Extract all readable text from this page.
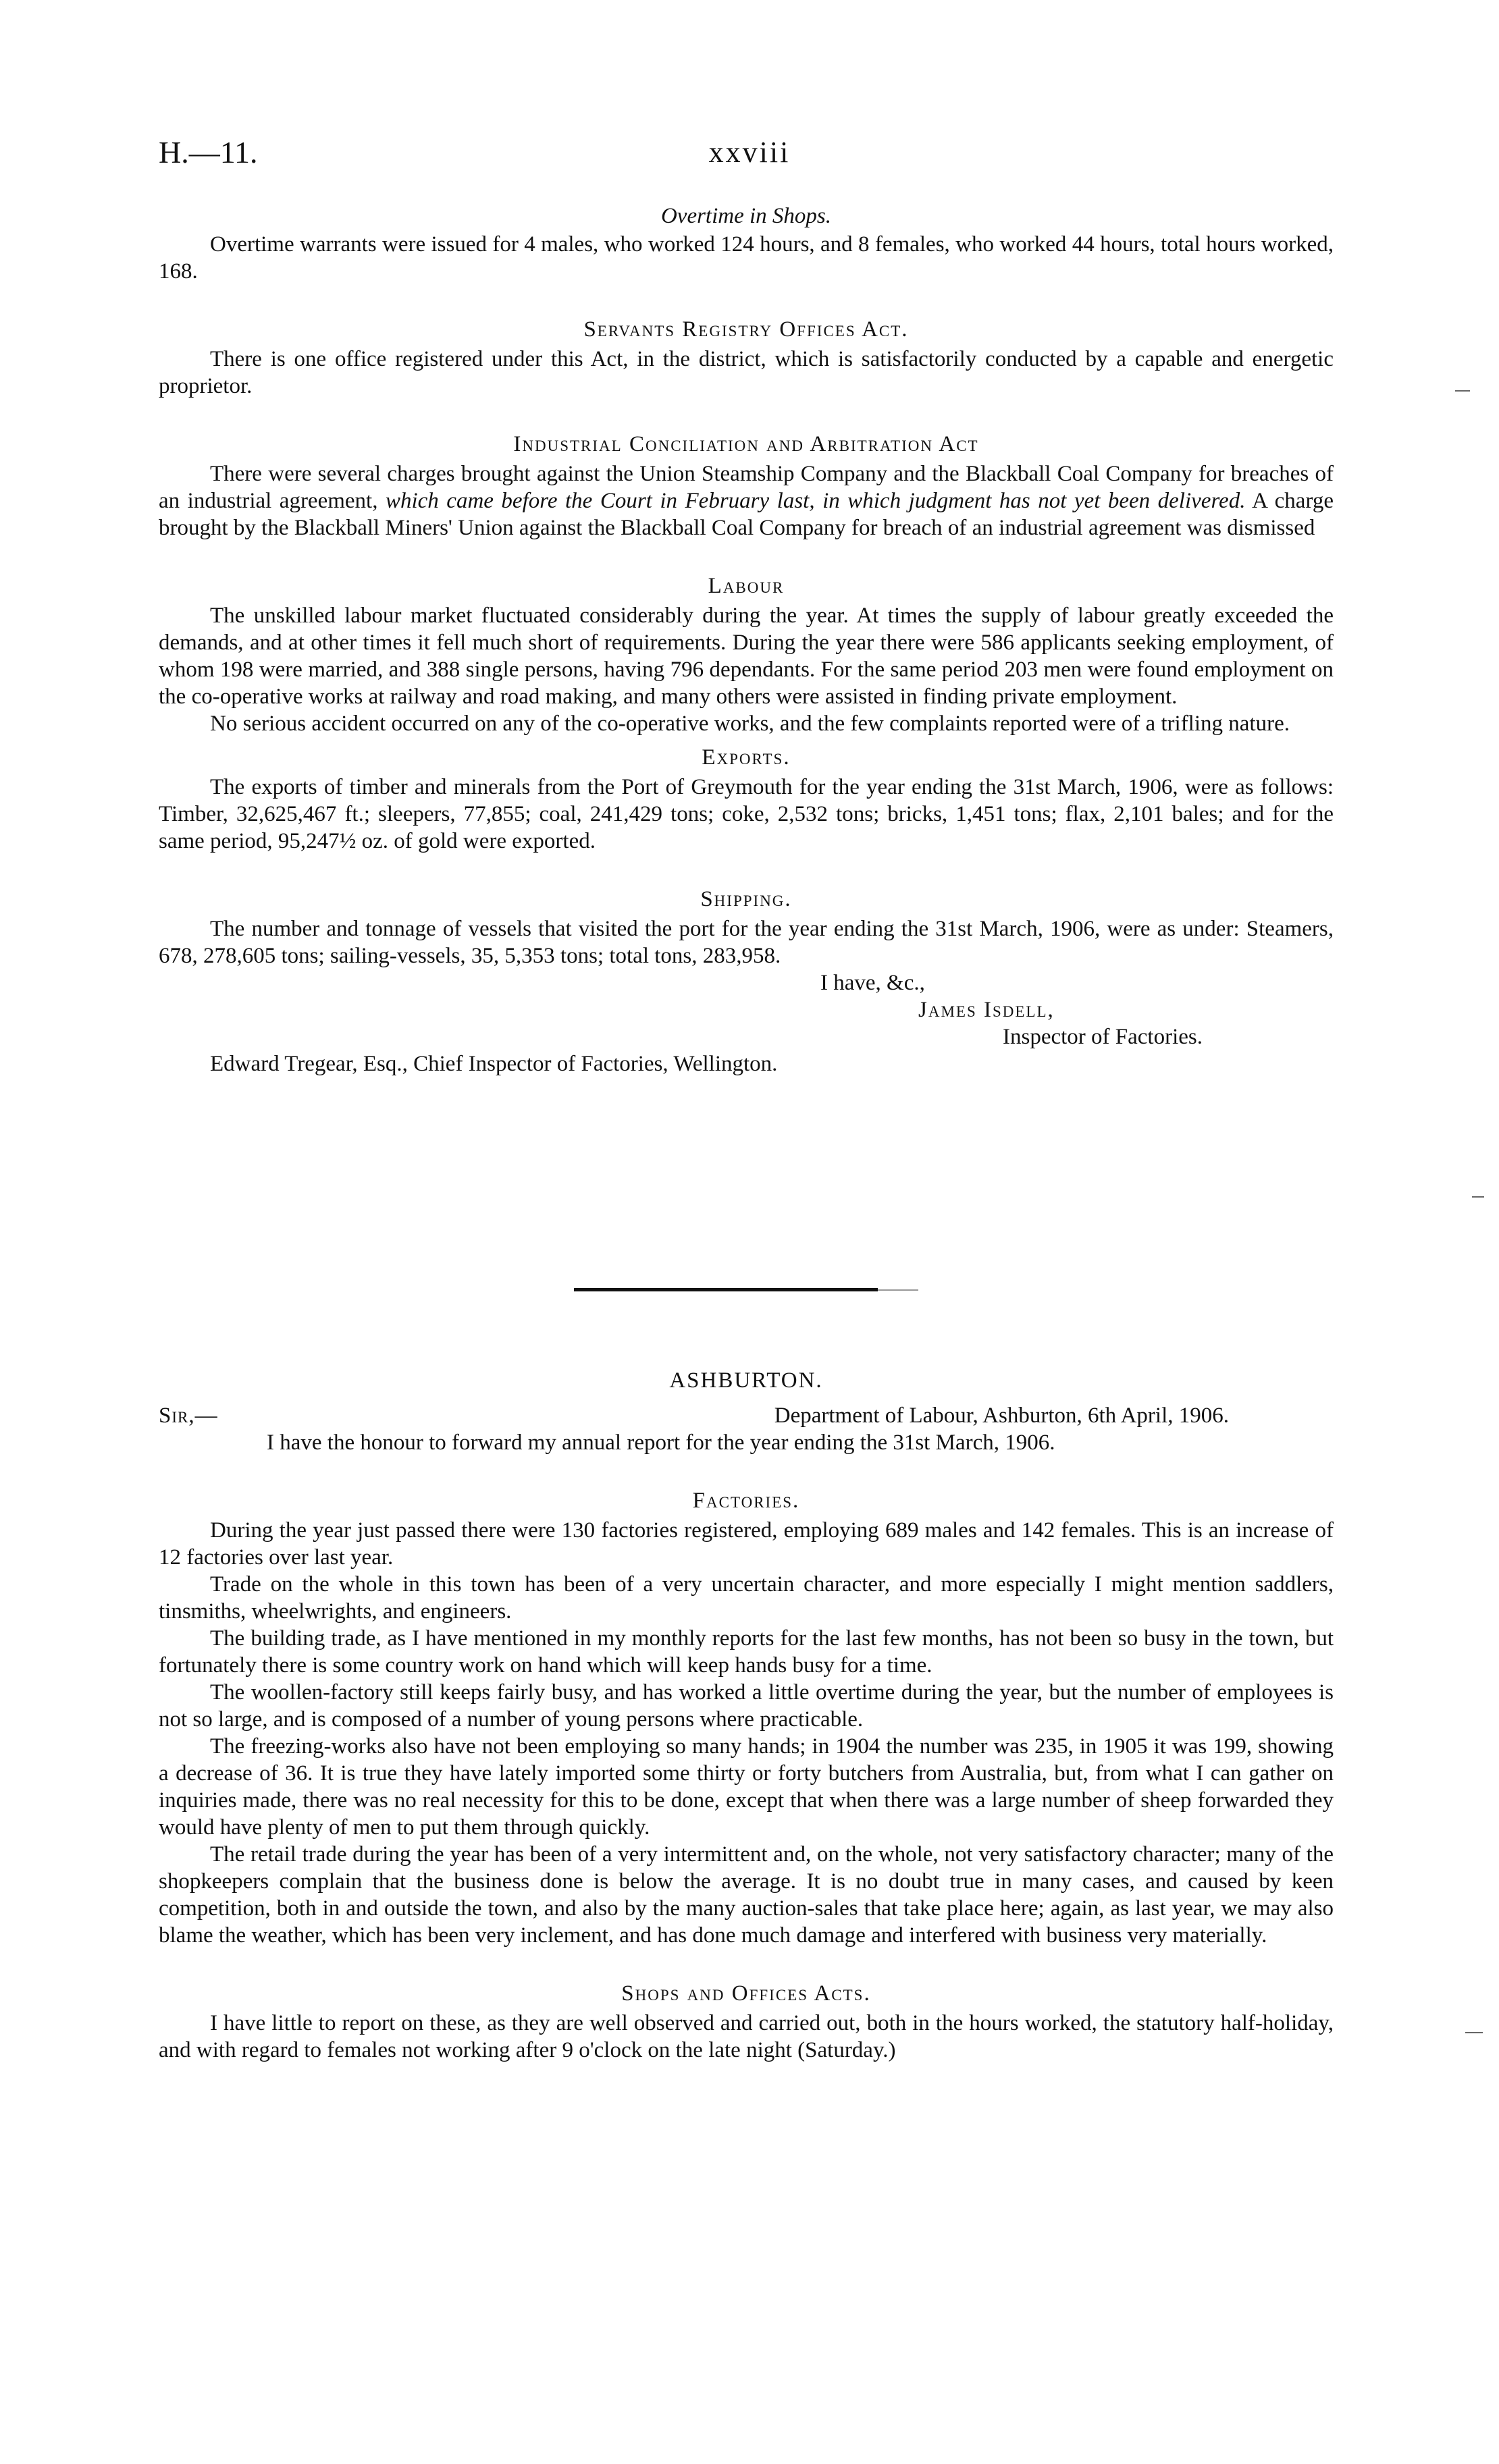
H.—11.	xxviii
Overtime in Shops.

Overtime warrants were issued for 4 males, who worked 124 hours, and 8 females, who worked 44 hours, total hours worked, 168.

Servants Registry Offices Act.

There is one office registered under this Act, in the district, which is satisfactorily conducted by a capable and energetic proprietor.

Industrial Conciliation and Arbitration Act

There were several charges brought against the Union Steamship Company and the Blackball Coal Company for breaches of an industrial agreement, which came before the Court in February last, in which judgment has not yet been delivered. A charge brought by the Blackball Miners' Union against the Blackball Coal Company for breach of an industrial agreement was dismissed

Labour

The unskilled labour market fluctuated considerably during the year. At times the supply of labour greatly exceeded the demands, and at other times it fell much short of requirements. During the year there were 586 applicants seeking employment, of whom 198 were married, and 388 single persons, having 796 dependants. For the same period 203 men were found employment on the co-operative works at railway and road making, and many others were assisted in finding private employment.

No serious accident occurred on any of the co-operative works, and the few complaints reported were of a trifling nature.

Exports.

The exports of timber and minerals from the Port of Greymouth for the year ending the 31st March, 1906, were as follows: Timber, 32,625,467 ft.; sleepers, 77,855; coal, 241,429 tons; coke, 2,532 tons; bricks, 1,451 tons; flax, 2,101 bales; and for the same period, 95,247½ oz. of gold were exported.

Shipping.

The number and tonnage of vessels that visited the port for the year ending the 31st March, 1906, were as under: Steamers, 678, 278,605 tons; sailing-vessels, 35, 5,353 tons; total tons, 283,958.

I have, &c.,
James Isdell,
Inspector of Factories.
Edward Tregear, Esq., Chief Inspector of Factories, Wellington.
ASHBURTON.
Sir,—	Department of Labour, Ashburton, 6th April, 1906.

I have the honour to forward my annual report for the year ending the 31st March, 1906.

Factories.

During the year just passed there were 130 factories registered, employing 689 males and 142 females. This is an increase of 12 factories over last year.

Trade on the whole in this town has been of a very uncertain character, and more especially I might mention saddlers, tinsmiths, wheelwrights, and engineers.

The building trade, as I have mentioned in my monthly reports for the last few months, has not been so busy in the town, but fortunately there is some country work on hand which will keep hands busy for a time.

The woollen-factory still keeps fairly busy, and has worked a little overtime during the year, but the number of employees is not so large, and is composed of a number of young persons where practicable.

The freezing-works also have not been employing so many hands; in 1904 the number was 235, in 1905 it was 199, showing a decrease of 36. It is true they have lately imported some thirty or forty butchers from Australia, but, from what I can gather on inquiries made, there was no real necessity for this to be done, except that when there was a large number of sheep forwarded they would have plenty of men to put them through quickly.

The retail trade during the year has been of a very intermittent and, on the whole, not very satisfactory character; many of the shopkeepers complain that the business done is below the average. It is no doubt true in many cases, and caused by keen competition, both in and outside the town, and also by the many auction-sales that take place here; again, as last year, we may also blame the weather, which has been very inclement, and has done much damage and interfered with business very materially.

Shops and Offices Acts.

I have little to report on these, as they are well observed and carried out, both in the hours worked, the statutory half-holiday, and with regard to females not working after 9 o'clock on the late night (Saturday.)
